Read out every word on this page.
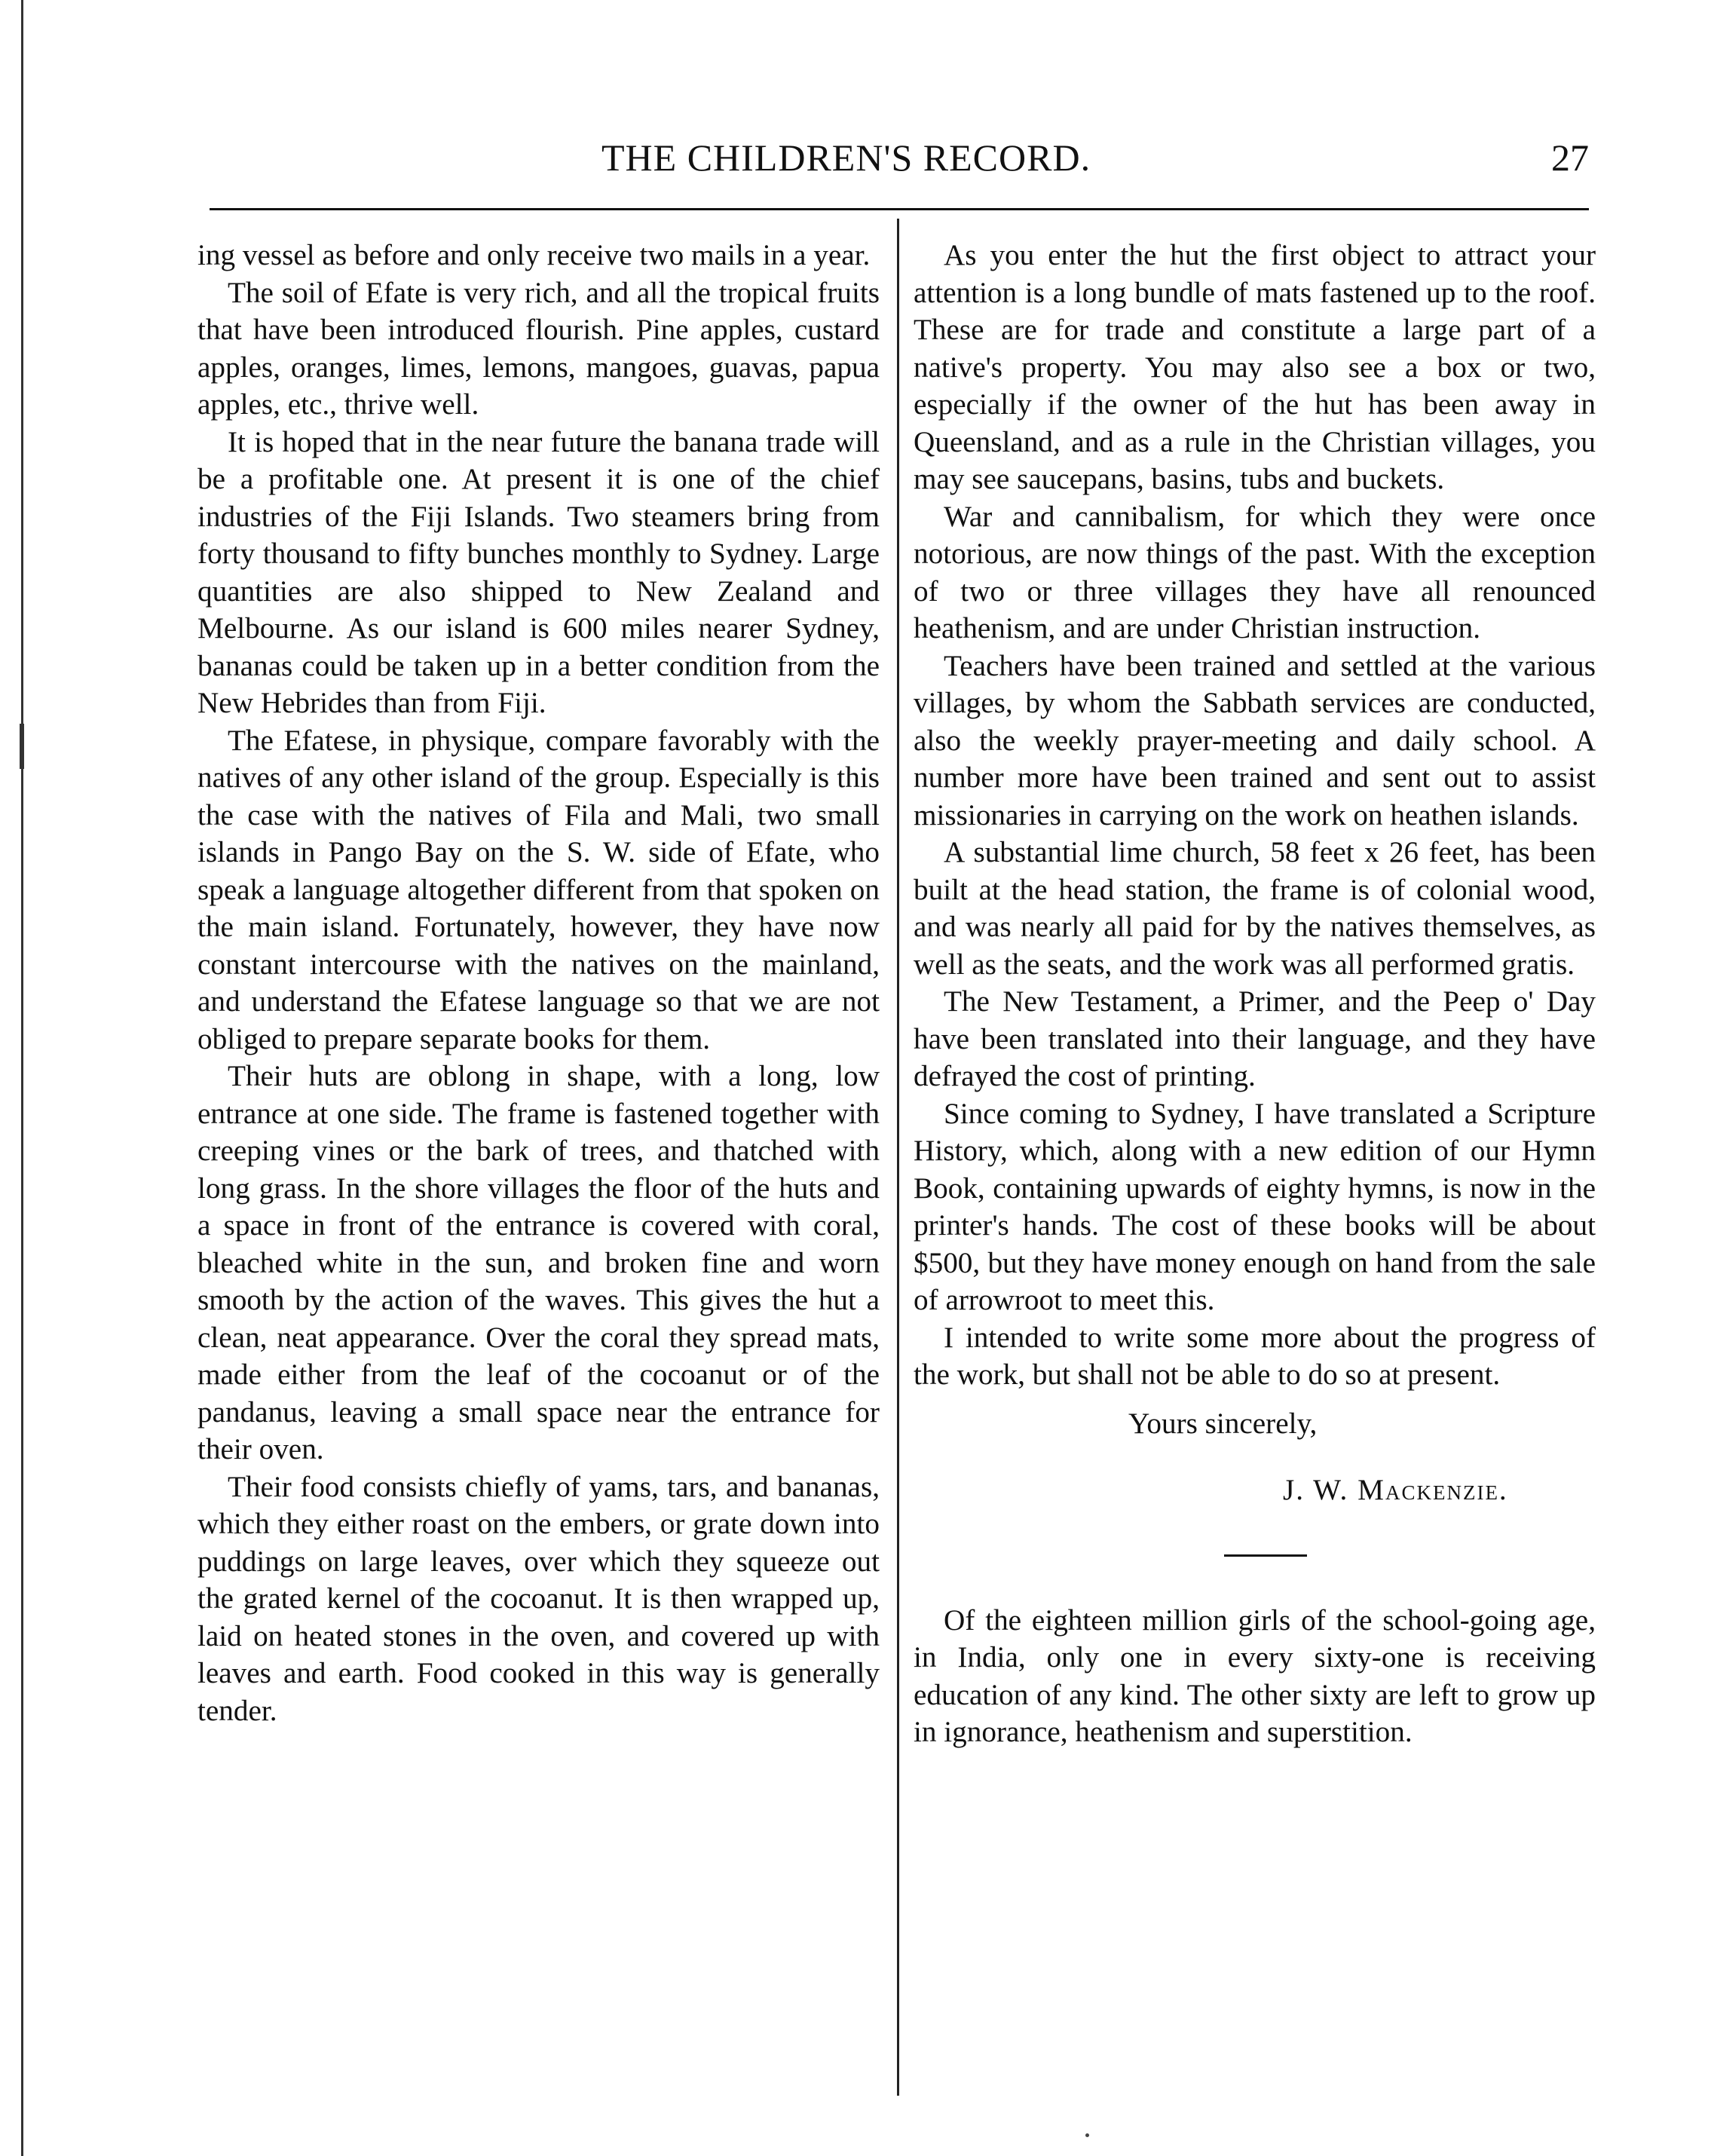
THE CHILDREN'S RECORD.	27

ing vessel as before and only receive two mails in a year.

The soil of Efate is very rich, and all the tropical fruits that have been introduced flourish. Pine apples, custard apples, oranges, limes, lemons, mangoes, guavas, papua apples, etc., thrive well.

It is hoped that in the near future the banana trade will be a profitable one. At present it is one of the chief industries of the Fiji Islands. Two steamers bring from forty thousand to fifty bunches monthly to Sydney. Large quantities are also shipped to New Zealand and Melbourne. As our island is 600 miles nearer Sydney, bananas could be taken up in a better condition from the New Hebrides than from Fiji.

The Efatese, in physique, compare favorably with the natives of any other island of the group. Especially is this the case with the natives of Fila and Mali, two small islands in Pango Bay on the S. W. side of Efate, who speak a language altogether different from that spoken on the main island. Fortunately, however, they have now constant intercourse with the natives on the mainland, and understand the Efatese language so that we are not obliged to prepare separate books for them.

Their huts are oblong in shape, with a long, low entrance at one side. The frame is fastened together with creeping vines or the bark of trees, and thatched with long grass. In the shore villages the floor of the huts and a space in front of the entrance is covered with coral, bleached white in the sun, and broken fine and worn smooth by the action of the waves. This gives the hut a clean, neat appearance. Over the coral they spread mats, made either from the leaf of the cocoanut or of the pandanus, leaving a small space near the entrance for their oven.

Their food consists chiefly of yams, tars, and bananas, which they either roast on the embers, or grate down into puddings on large leaves, over which they squeeze out the grated kernel of the cocoanut. It is then wrapped up, laid on heated stones in the oven, and covered up with leaves and earth. Food cooked in this way is generally tender.

As you enter the hut the first object to attract your attention is a long bundle of mats fastened up to the roof. These are for trade and constitute a large part of a native's property. You may also see a box or two, especially if the owner of the hut has been away in Queensland, and as a rule in the Christian villages, you may see saucepans, basins, tubs and buckets.

War and cannibalism, for which they were once notorious, are now things of the past. With the exception of two or three villages they have all renounced heathenism, and are under Christian instruction.

Teachers have been trained and settled at the various villages, by whom the Sabbath services are conducted, also the weekly prayer-meeting and daily school. A number more have been trained and sent out to assist missionaries in carrying on the work on heathen islands.

A substantial lime church, 58 feet x 26 feet, has been built at the head station, the frame is of colonial wood, and was nearly all paid for by the natives themselves, as well as the seats, and the work was all performed gratis.

The New Testament, a Primer, and the Peep o' Day have been translated into their language, and they have defrayed the cost of printing.

Since coming to Sydney, I have translated a Scripture History, which, along with a new edition of our Hymn Book, containing upwards of eighty hymns, is now in the printer's hands. The cost of these books will be about $500, but they have money enough on hand from the sale of arrowroot to meet this.

I intended to write some more about the progress of the work, but shall not be able to do so at present.

Yours sincerely,

J. W. Mackenzie.

Of the eighteen million girls of the school-going age, in India, only one in every sixty-one is receiving education of any kind. The other sixty are left to grow up in ignorance, heathenism and superstition.
